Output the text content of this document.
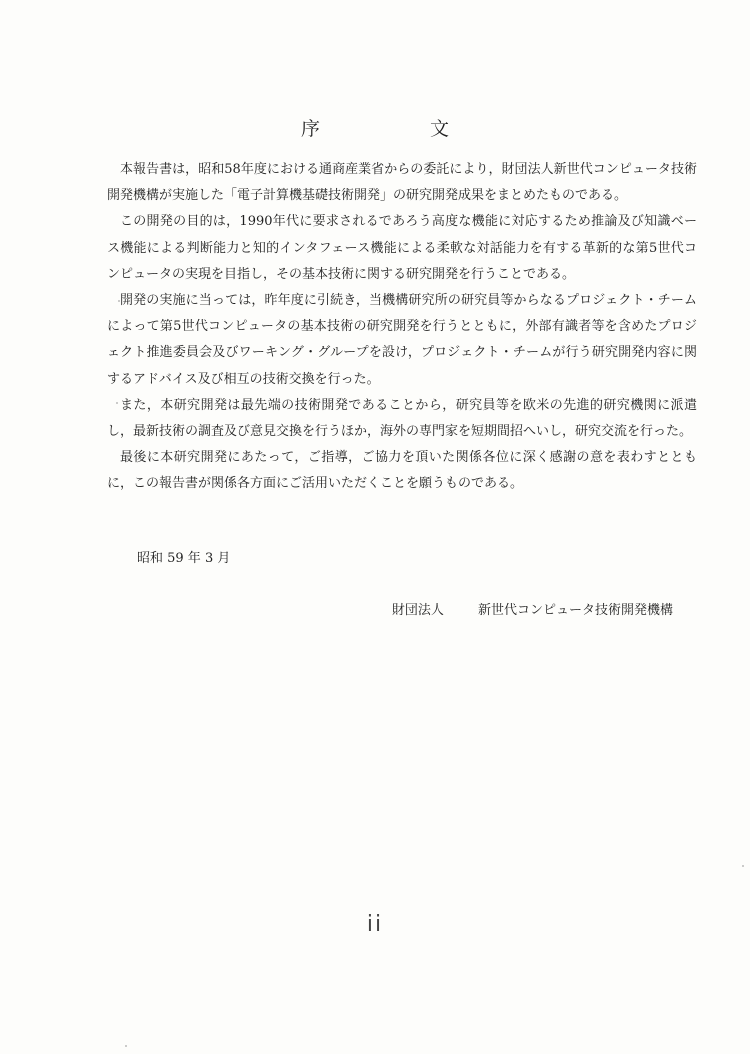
序文

本報告書は，昭和58年度における通商産業省からの委託により，財団法人新世代コンピュータ技術開発機構が実施した「電子計算機基礎技術開発」の研究開発成果をまとめたものである。

この開発の目的は，1990年代に要求されるであろう高度な機能に対応するため推論及び知識ベース機能による判断能力と知的インタフェース機能による柔軟な対話能力を有する革新的な第5世代コンピュータの実現を目指し，その基本技術に関する研究開発を行うことである。

開発の実施に当っては，昨年度に引続き，当機構研究所の研究員等からなるプロジェクト・チームによって第5世代コンピュータの基本技術の研究開発を行うとともに，外部有識者等を含めたプロジェクト推進委員会及びワーキング・グループを設け，プロジェクト・チームが行う研究開発内容に関するアドバイス及び相互の技術交換を行った。

また，本研究開発は最先端の技術開発であることから，研究員等を欧米の先進的研究機関に派遣し，最新技術の調査及び意見交換を行うほか，海外の専門家を短期間招へいし，研究交流を行った。

最後に本研究開発にあたって，ご指導，ご協力を頂いた関係各位に深く感謝の意を表わすとともに，この報告書が関係各方面にご活用いただくことを願うものである。

昭和 59 年 3 月
財団法人	新世代コンピュータ技術開発機構
ii
